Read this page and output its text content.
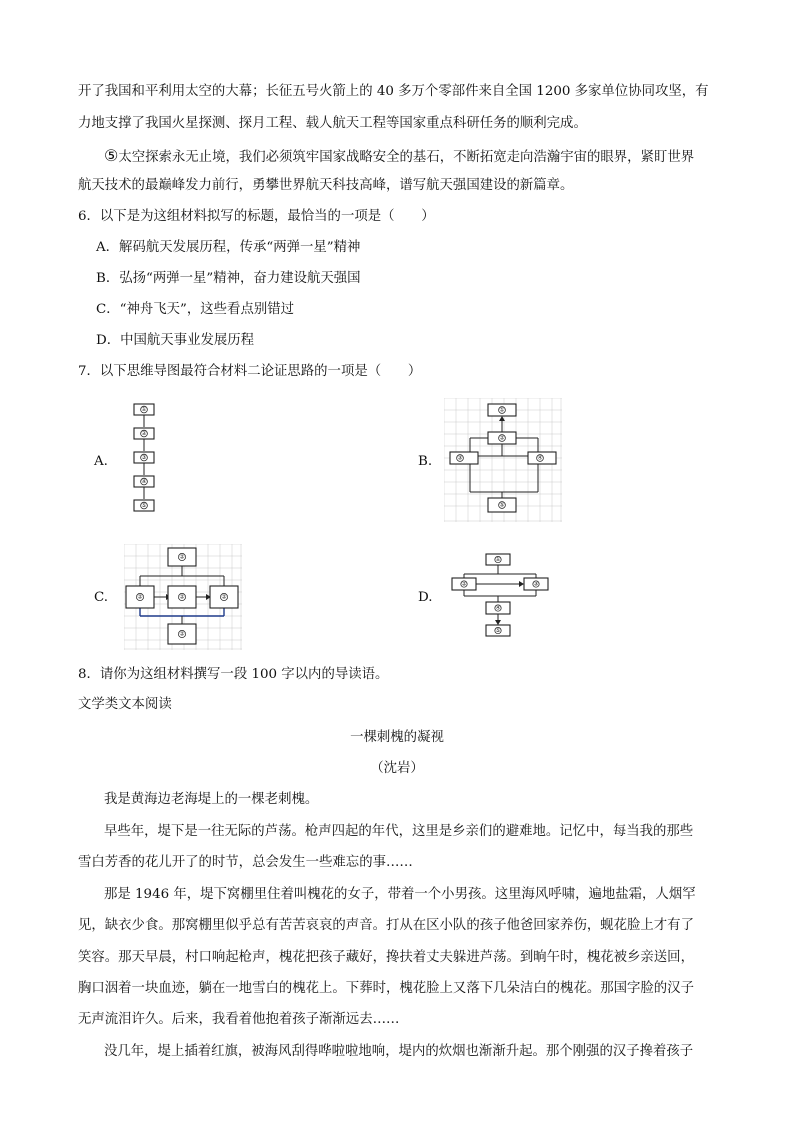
开了我国和平利用太空的大幕；长征五号火箭上的 40 多万个零部件来自全国 1200 多家单位协同攻坚，有
力地支撑了我国火星探测、探月工程、载人航天工程等国家重点科研任务的顺利完成。
⑤太空探索永无止境，我们必须筑牢国家战略安全的基石，不断拓宽走向浩瀚宇宙的眼界，紧盯世界
航天技术的最巅峰发力前行，勇攀世界航天科技高峰，谱写航天强国建设的新篇章。
6．以下是为这组材料拟写的标题，最恰当的一项是（　　）
A．解码航天发展历程，传承“两弹一星”精神
B．弘扬“两弹一星”精神，奋力建设航天强国
C．“神舟飞天”，这些看点别错过
D．中国航天事业发展历程
7．以下思维导图最符合材料二论证思路的一项是（　　）
A.	B.
C.	D.
①
②
③
④
⑤
①
②
③	④
⑤
②
②	②	②
②
①
②	③
④
⑤
8．请你为这组材料撰写一段 100 字以内的导读语。
文学类文本阅读
一棵刺槐的凝视
（沈岩）
我是黄海边老海堤上的一棵老刺槐。
早些年，堤下是一往无际的芦荡。枪声四起的年代，这里是乡亲们的避难地。记忆中，每当我的那些
雪白芳香的花儿开了的时节，总会发生一些难忘的事……
那是 1946 年，堤下窝棚里住着叫槐花的女子，带着一个小男孩。这里海风呼啸，遍地盐霜，人烟罕
见，缺衣少食。那窝棚里似乎总有苦苦哀哀的声音。打从在区小队的孩子他爸回家养伤，蚬花脸上才有了
笑容。那天早晨，村口响起枪声，槐花把孩子藏好，搀扶着丈夫躲进芦荡。到晌午时，槐花被乡亲送回，
胸口洇着一块血迹，躺在一地雪白的槐花上。下葬时，槐花脸上又落下几朵洁白的槐花。那国字脸的汉子
无声流泪许久。后来，我看着他抱着孩子渐渐远去……
没几年，堤上插着红旗，被海风刮得哗啦啦地响，堤内的炊烟也渐渐升起。那个刚强的汉子搀着孩子
